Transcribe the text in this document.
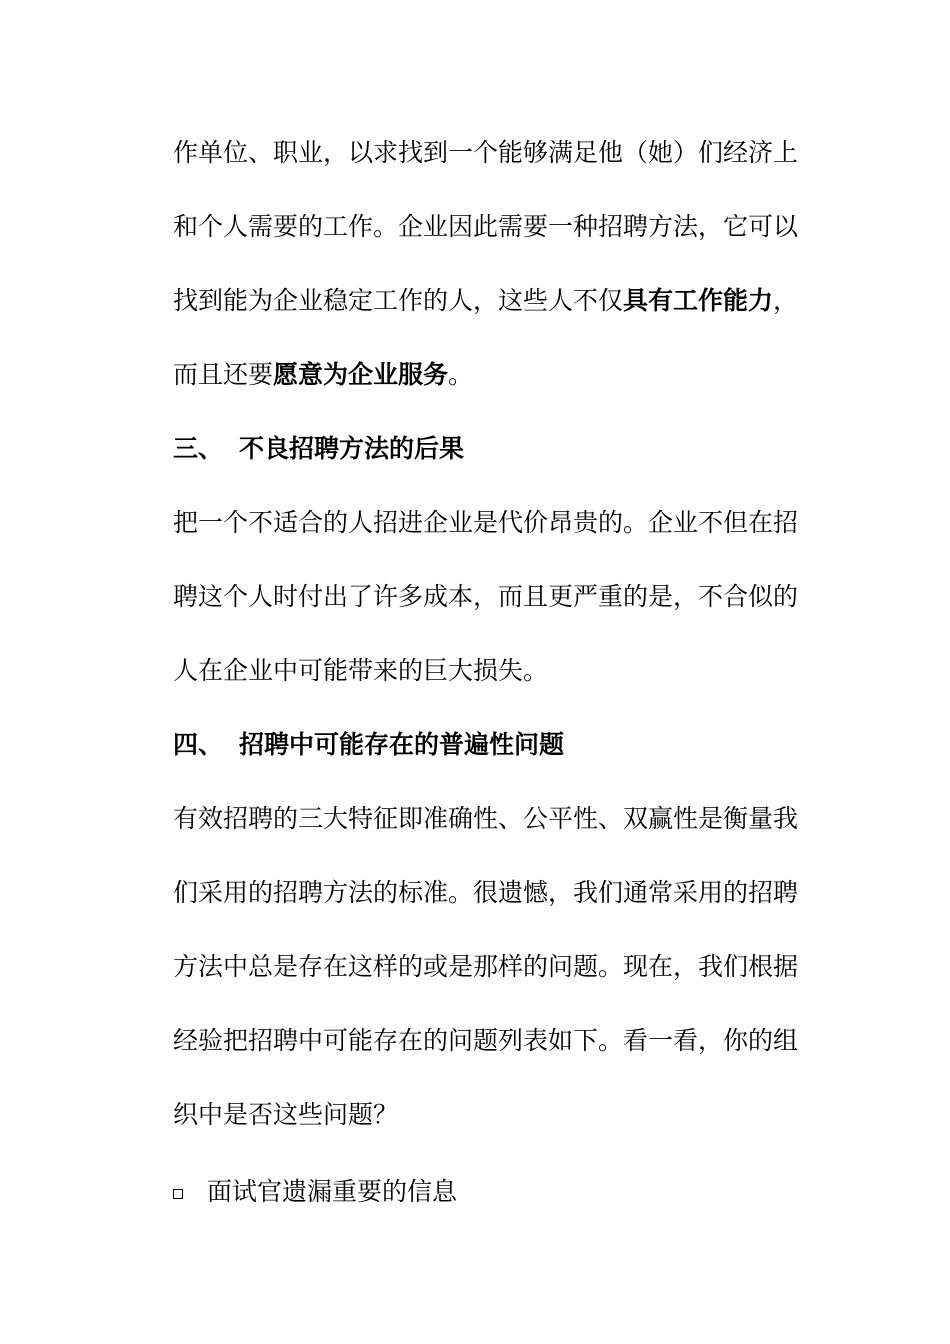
作单位、职业，以求找到一个能够满足他（她）们经济上
和个人需要的工作。企业因此需要一种招聘方法，它可以
找到能为企业稳定工作的人，这些人不仅具有工作能力，
而且还要愿意为企业服务。
三、 不良招聘方法的后果
把一个不适合的人招进企业是代价昂贵的。企业不但在招
聘这个人时付出了许多成本，而且更严重的是，不合似的
人在企业中可能带来的巨大损失。
四、 招聘中可能存在的普遍性问题
有效招聘的三大特征即准确性、公平性、双赢性是衡量我
们采用的招聘方法的标准。很遗憾，我们通常采用的招聘
方法中总是存在这样的或是那样的问题。现在，我们根据
经验把招聘中可能存在的问题列表如下。看一看，你的组
织中是否这些问题？
面试官遗漏重要的信息
